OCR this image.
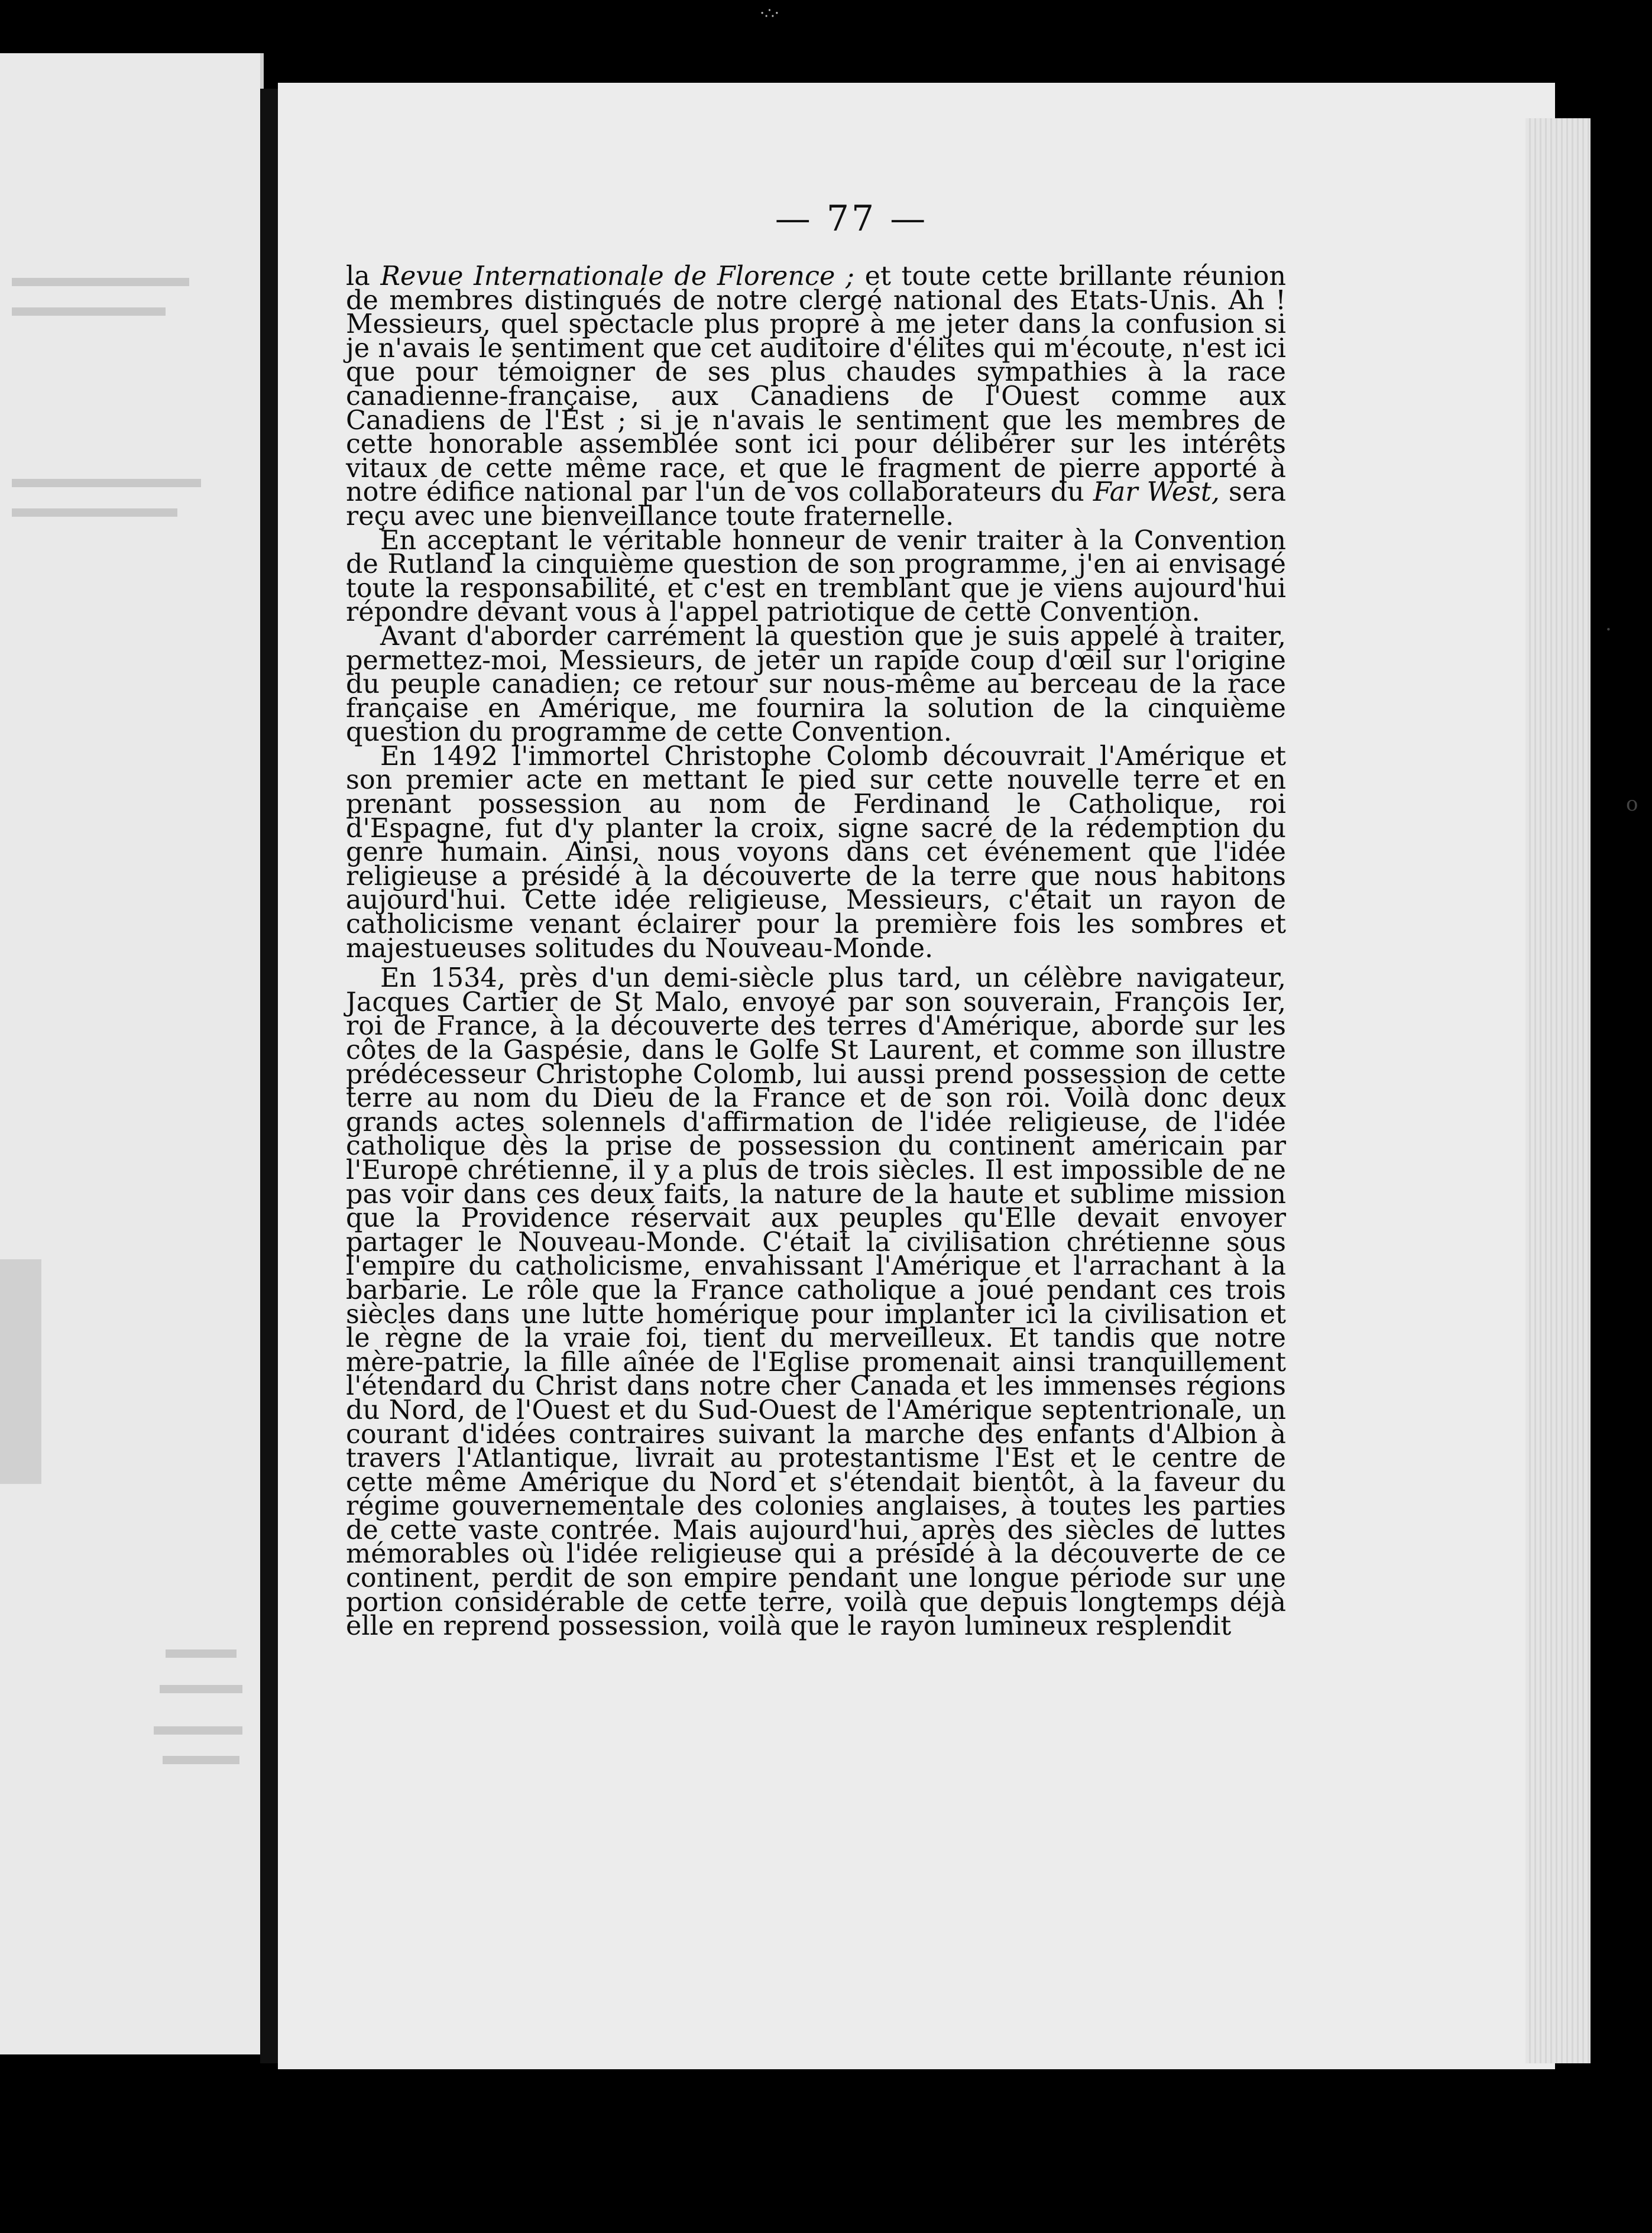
·∴·
— 77 —
·
o

la Revue Internationale de Florence ; et toute cette brillante réunion de membres distingués de notre clergé national des Etats-Unis. Ah ! Messieurs, quel spectacle plus propre à me jeter dans la confusion si je n'avais le sentiment que cet auditoire d'élites qui m'écoute, n'est ici que pour témoigner de ses plus chaudes sympathies à la race canadienne-française, aux Canadiens de l'Ouest comme aux Canadiens de l'Est ; si je n'avais le sentiment que les membres de cette honorable assemblée sont ici pour délibérer sur les intérêts vitaux de cette même race, et que le fragment de pierre apporté à notre édifice national par l'un de vos collaborateurs du Far West, sera reçu avec une bienveillance toute fraternelle.

En acceptant le véritable honneur de venir traiter à la Convention de Rutland la cinquième question de son programme, j'en ai envisagé toute la responsabilité, et c'est en tremblant que je viens aujourd'hui répondre devant vous à l'appel patriotique de cette Convention.

Avant d'aborder carrément la question que je suis appelé à traiter, permettez-moi, Messieurs, de jeter un rapide coup d'œil sur l'origine du peuple canadien; ce retour sur nous-même au berceau de la race française en Amérique, me fournira la solution de la cinquième question du programme de cette Convention.

En 1492 l'immortel Christophe Colomb découvrait l'Amérique et son premier acte en mettant le pied sur cette nouvelle terre et en prenant possession au nom de Ferdinand le Catholique, roi d'Espagne, fut d'y planter la croix, signe sacré de la rédemption du genre humain. Ainsi, nous voyons dans cet événement que l'idée religieuse a présidé à la découverte de la terre que nous habitons aujourd'hui. Cette idée religieuse, Messieurs, c'était un rayon de catholicisme venant éclairer pour la première fois les sombres et majestueuses solitudes du Nouveau-Monde.

En 1534, près d'un demi-siècle plus tard, un célèbre navigateur, Jacques Cartier de St Malo, envoyé par son souverain, François Ier, roi de France, à la découverte des terres d'Amérique, aborde sur les côtes de la Gaspésie, dans le Golfe St Laurent, et comme son illustre prédécesseur Christophe Colomb, lui aussi prend possession de cette terre au nom du Dieu de la France et de son roi. Voilà donc deux grands actes solennels d'affirmation de l'idée religieuse, de l'idée catholique dès la prise de possession du continent américain par l'Europe chrétienne, il y a plus de trois siècles. Il est impossible de ne pas voir dans ces deux faits, la nature de la haute et sublime mission que la Providence réservait aux peuples qu'Elle devait envoyer partager le Nouveau-Monde. C'était la civilisation chrétienne sous l'empire du catholicisme, envahissant l'Amérique et l'arrachant à la barbarie. Le rôle que la France catholique a joué pendant ces trois siècles dans une lutte homérique pour implanter ici la civilisation et le règne de la vraie foi, tient du merveilleux. Et tandis que notre mère-patrie, la fille aînée de l'Eglise promenait ainsi tranquillement l'étendard du Christ dans notre cher Canada et les immenses régions du Nord, de l'Ouest et du Sud-Ouest de l'Amérique septentrionale, un courant d'idées contraires suivant la marche des enfants d'Albion à travers l'Atlantique, livrait au protestantisme l'Est et le centre de cette même Amérique du Nord et s'étendait bientôt, à la faveur du régime gouvernementale des colonies anglaises, à toutes les parties de cette vaste contrée. Mais aujourd'hui, après des siècles de luttes mémorables où l'idée religieuse qui a présidé à la découverte de ce continent, perdit de son empire pendant une longue période sur une portion considérable de cette terre, voilà que depuis longtemps déjà elle en reprend possession, voilà que le rayon lumineux resplendit
